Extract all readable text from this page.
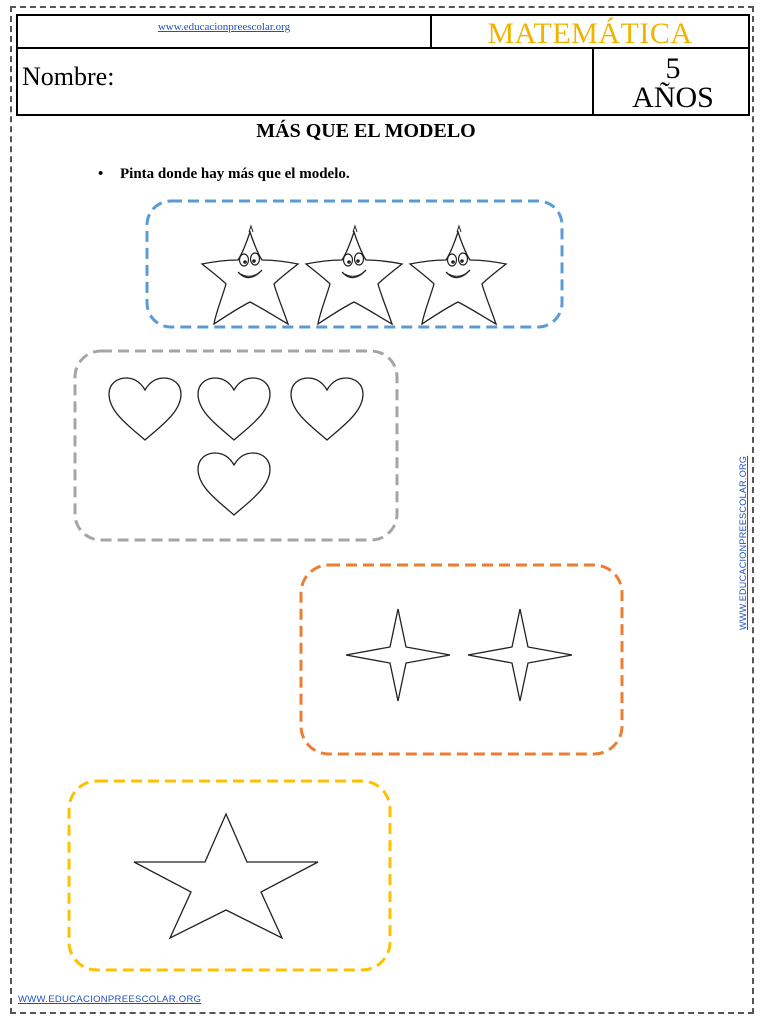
www.educacionpreescolar.org	MATEMÁTICA
Nombre:	5
AÑOS
MÁS QUE EL MODELO
• Pinta donde hay más que el modelo.
WWW.EDUCACIONPREESCOLAR.ORG
WWW.EDUCACIONPREESCOLAR.ORG
